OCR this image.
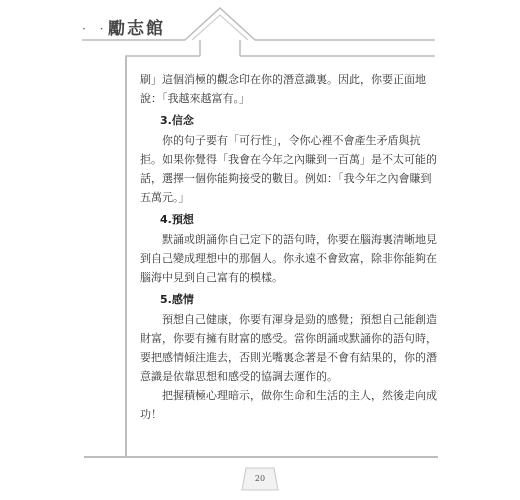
‧ ‧ 勵志館

刷」這個消極的觀念印在你的潛意識裏。因此，你要正面地說：「我越來越富有。」

3.信念

你的句子要有「可行性」，令你心裡不會產生矛盾與抗拒。如果你覺得「我會在今年之內賺到一百萬」是不太可能的話，選擇一個你能夠接受的數目。例如：「我今年之內會賺到五萬元。」

4.預想

默誦或朗誦你自己定下的語句時，你要在腦海裏清晰地見到自己變成理想中的那個人。你永遠不會致富，除非你能夠在腦海中見到自己富有的模樣。

5.感情

預想自己健康，你要有渾身是勁的感覺；預想自己能創造財富，你要有擁有財富的感受。當你朗誦或默誦你的語句時，要把感情傾注進去，否則光嘴裏念著是不會有結果的，你的潛意識是依靠思想和感受的協調去運作的。

把握積極心理暗示，做你生命和生活的主人，然後走向成功！

20
